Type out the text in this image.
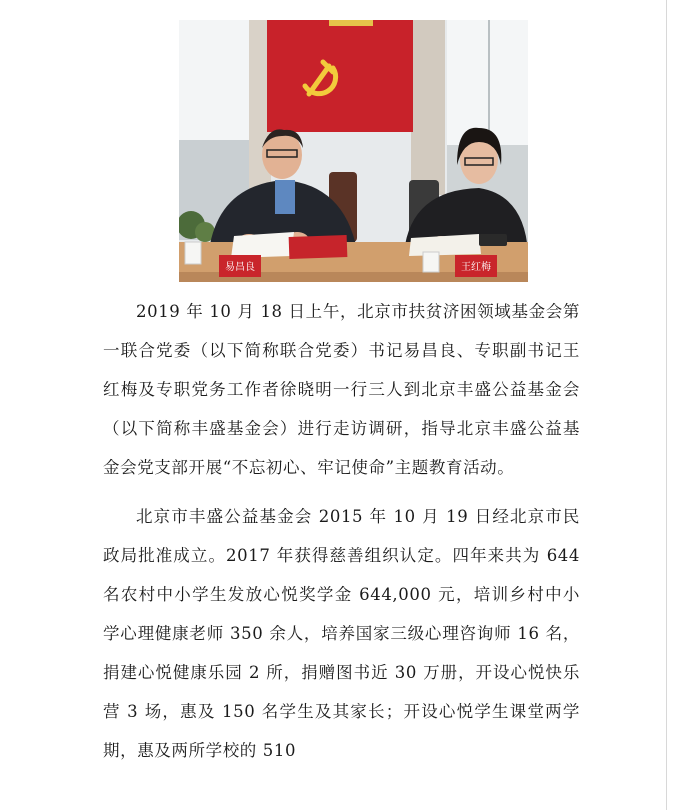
易昌良	王红梅

2019 年 10 月 18 日上午，北京市扶贫济困领域基金会第一联合党委（以下简称联合党委）书记易昌良、专职副书记王红梅及专职党务工作者徐晓明一行三人到北京丰盛公益基金会（以下简称丰盛基金会）进行走访调研，指导北京丰盛公益基金会党支部开展“不忘初心、牢记使命”主题教育活动。

北京市丰盛公益基金会 2015 年 10 月 19 日经北京市民政局批准成立。2017 年获得慈善组织认定。四年来共为 644 名农村中小学生发放心悦奖学金 644,000 元，培训乡村中小学心理健康老师 350 余人，培养国家三级心理咨询师 16 名，捐建心悦健康乐园 2 所，捐赠图书近 30 万册，开设心悦快乐营 3 场，惠及 150 名学生及其家长；开设心悦学生课堂两学期，惠及两所学校的 510
